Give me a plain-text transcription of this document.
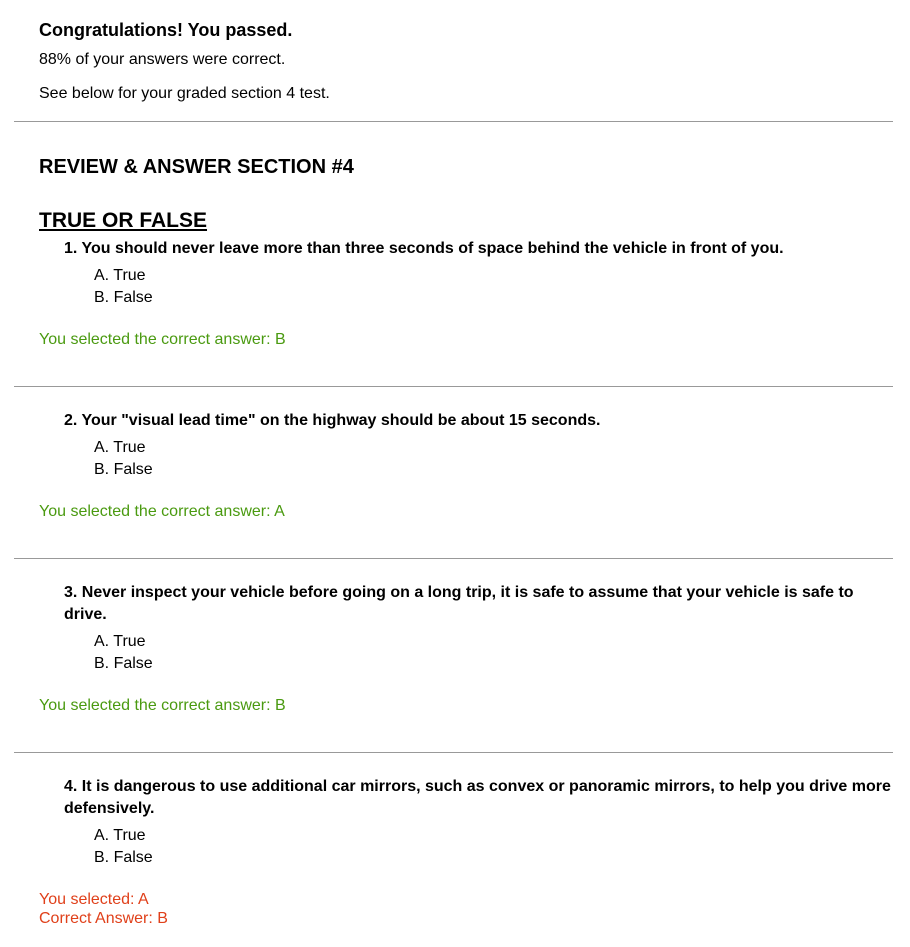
Congratulations! You passed.

88% of your answers were correct.

See below for your graded section 4 test.

REVIEW & ANSWER SECTION #4
TRUE OR FALSE

1. You should never leave more than three seconds of space behind the vehicle in front of you.

A. True
B. False

You selected the correct answer: B

2. Your "visual lead time" on the highway should be about 15 seconds.

A. True
B. False

You selected the correct answer: A

3. Never inspect your vehicle before going on a long trip, it is safe to assume that your vehicle is safe to drive.

A. True
B. False

You selected the correct answer: B

4. It is dangerous to use additional car mirrors, such as convex or panoramic mirrors, to help you drive more defensively.

A. True
B. False

You selected: A

Correct Answer: B
